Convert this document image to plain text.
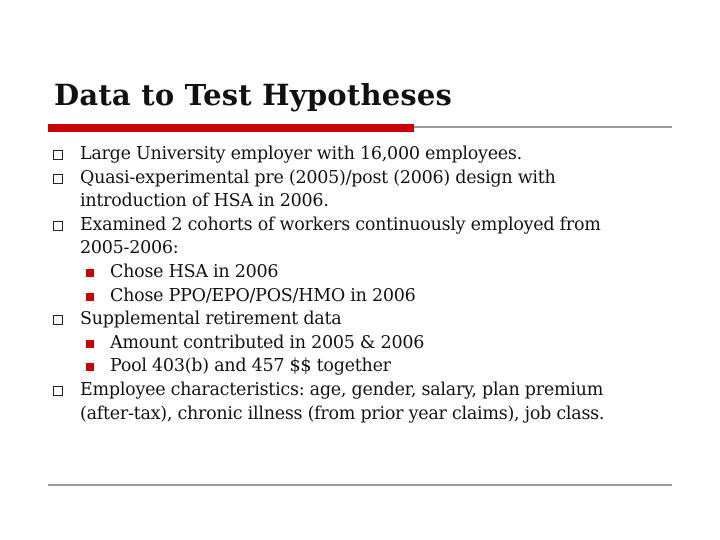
Data to Test Hypotheses
Large University employer with 16,000 employees.
Quasi-experimental pre (2005)/post (2006) design with
introduction of HSA in 2006.
Examined 2 cohorts of workers continuously employed from
2005-2006:
Chose HSA in 2006
Chose PPO/EPO/POS/HMO in 2006
Supplemental retirement data
Amount contributed in 2005 & 2006
Pool 403(b) and 457 $$ together
Employee characteristics: age, gender, salary, plan premium
(after-tax), chronic illness (from prior year claims), job class.
